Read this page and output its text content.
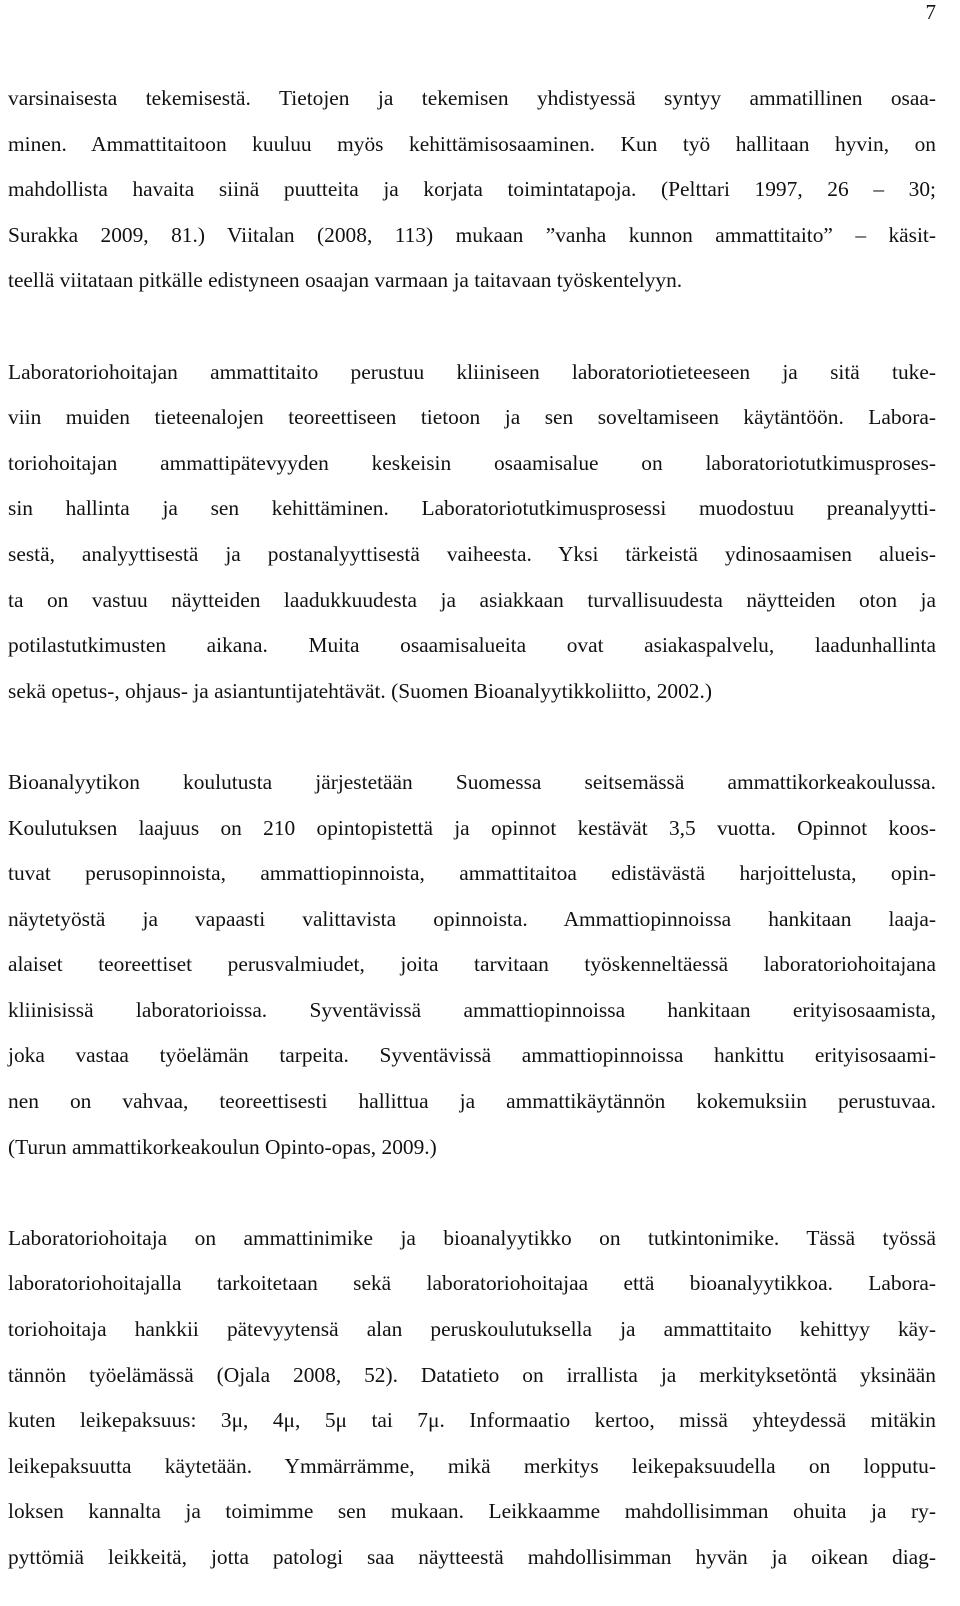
7
varsinaisesta tekemisestä. Tietojen ja tekemisen yhdistyessä syntyy ammatillinen osaa-
minen. Ammattitaitoon kuuluu myös kehittämisosaaminen. Kun työ hallitaan hyvin, on
mahdollista havaita siinä puutteita ja korjata toimintatapoja. (Pelttari 1997, 26 – 30;
Surakka 2009, 81.) Viitalan (2008, 113) mukaan ”vanha kunnon ammattitaito” – käsit-
teellä viitataan pitkälle edistyneen osaajan varmaan ja taitavaan työskentelyyn.
Laboratoriohoitajan ammattitaito perustuu kliiniseen laboratoriotieteeseen ja sitä tuke-
viin muiden tieteenalojen teoreettiseen tietoon ja sen soveltamiseen käytäntöön. Labora-
toriohoitajan ammattipätevyyden keskeisin osaamisalue on laboratoriotutkimusproses-
sin hallinta ja sen kehittäminen. Laboratoriotutkimusprosessi muodostuu preanalyytti-
sestä, analyyttisestä ja postanalyyttisestä vaiheesta. Yksi tärkeistä ydinosaamisen alueis-
ta on vastuu näytteiden laadukkuudesta ja asiakkaan turvallisuudesta näytteiden oton ja
potilastutkimusten aikana. Muita osaamisalueita ovat asiakaspalvelu, laadunhallinta
sekä opetus-, ohjaus- ja asiantuntijatehtävät. (Suomen Bioanalyytikkoliitto, 2002.)
Bioanalyytikon koulutusta järjestetään Suomessa seitsemässä ammattikorkeakoulussa.
Koulutuksen laajuus on 210 opintopistettä ja opinnot kestävät 3,5 vuotta. Opinnot koos-
tuvat perusopinnoista, ammattiopinnoista, ammattitaitoa edistävästä harjoittelusta, opin-
näytetyöstä ja vapaasti valittavista opinnoista. Ammattiopinnoissa hankitaan laaja-
alaiset teoreettiset perusvalmiudet, joita tarvitaan työskenneltäessä laboratoriohoitajana
kliinisissä laboratorioissa. Syventävissä ammattiopinnoissa hankitaan erityisosaamista,
joka vastaa työelämän tarpeita. Syventävissä ammattiopinnoissa hankittu erityisosaami-
nen on vahvaa, teoreettisesti hallittua ja ammattikäytännön kokemuksiin perustuvaa.
(Turun ammattikorkeakoulun Opinto-opas, 2009.)
Laboratoriohoitaja on ammattinimike ja bioanalyytikko on tutkintonimike. Tässä työssä
laboratoriohoitajalla tarkoitetaan sekä laboratoriohoitajaa että bioanalyytikkoa. Labora-
toriohoitaja hankkii pätevyytensä alan peruskoulutuksella ja ammattitaito kehittyy käy-
tännön työelämässä (Ojala 2008, 52). Datatieto on irrallista ja merkityksetöntä yksinään
kuten leikepaksuus: 3μ, 4μ, 5μ tai 7μ. Informaatio kertoo, missä yhteydessä mitäkin
leikepaksuutta käytetään. Ymmärrämme, mikä merkitys leikepaksuudella on lopputu-
loksen kannalta ja toimimme sen mukaan. Leikkaamme mahdollisimman ohuita ja ry-
pyttömiä leikkeitä, jotta patologi saa näytteestä mahdollisimman hyvän ja oikean diag-
